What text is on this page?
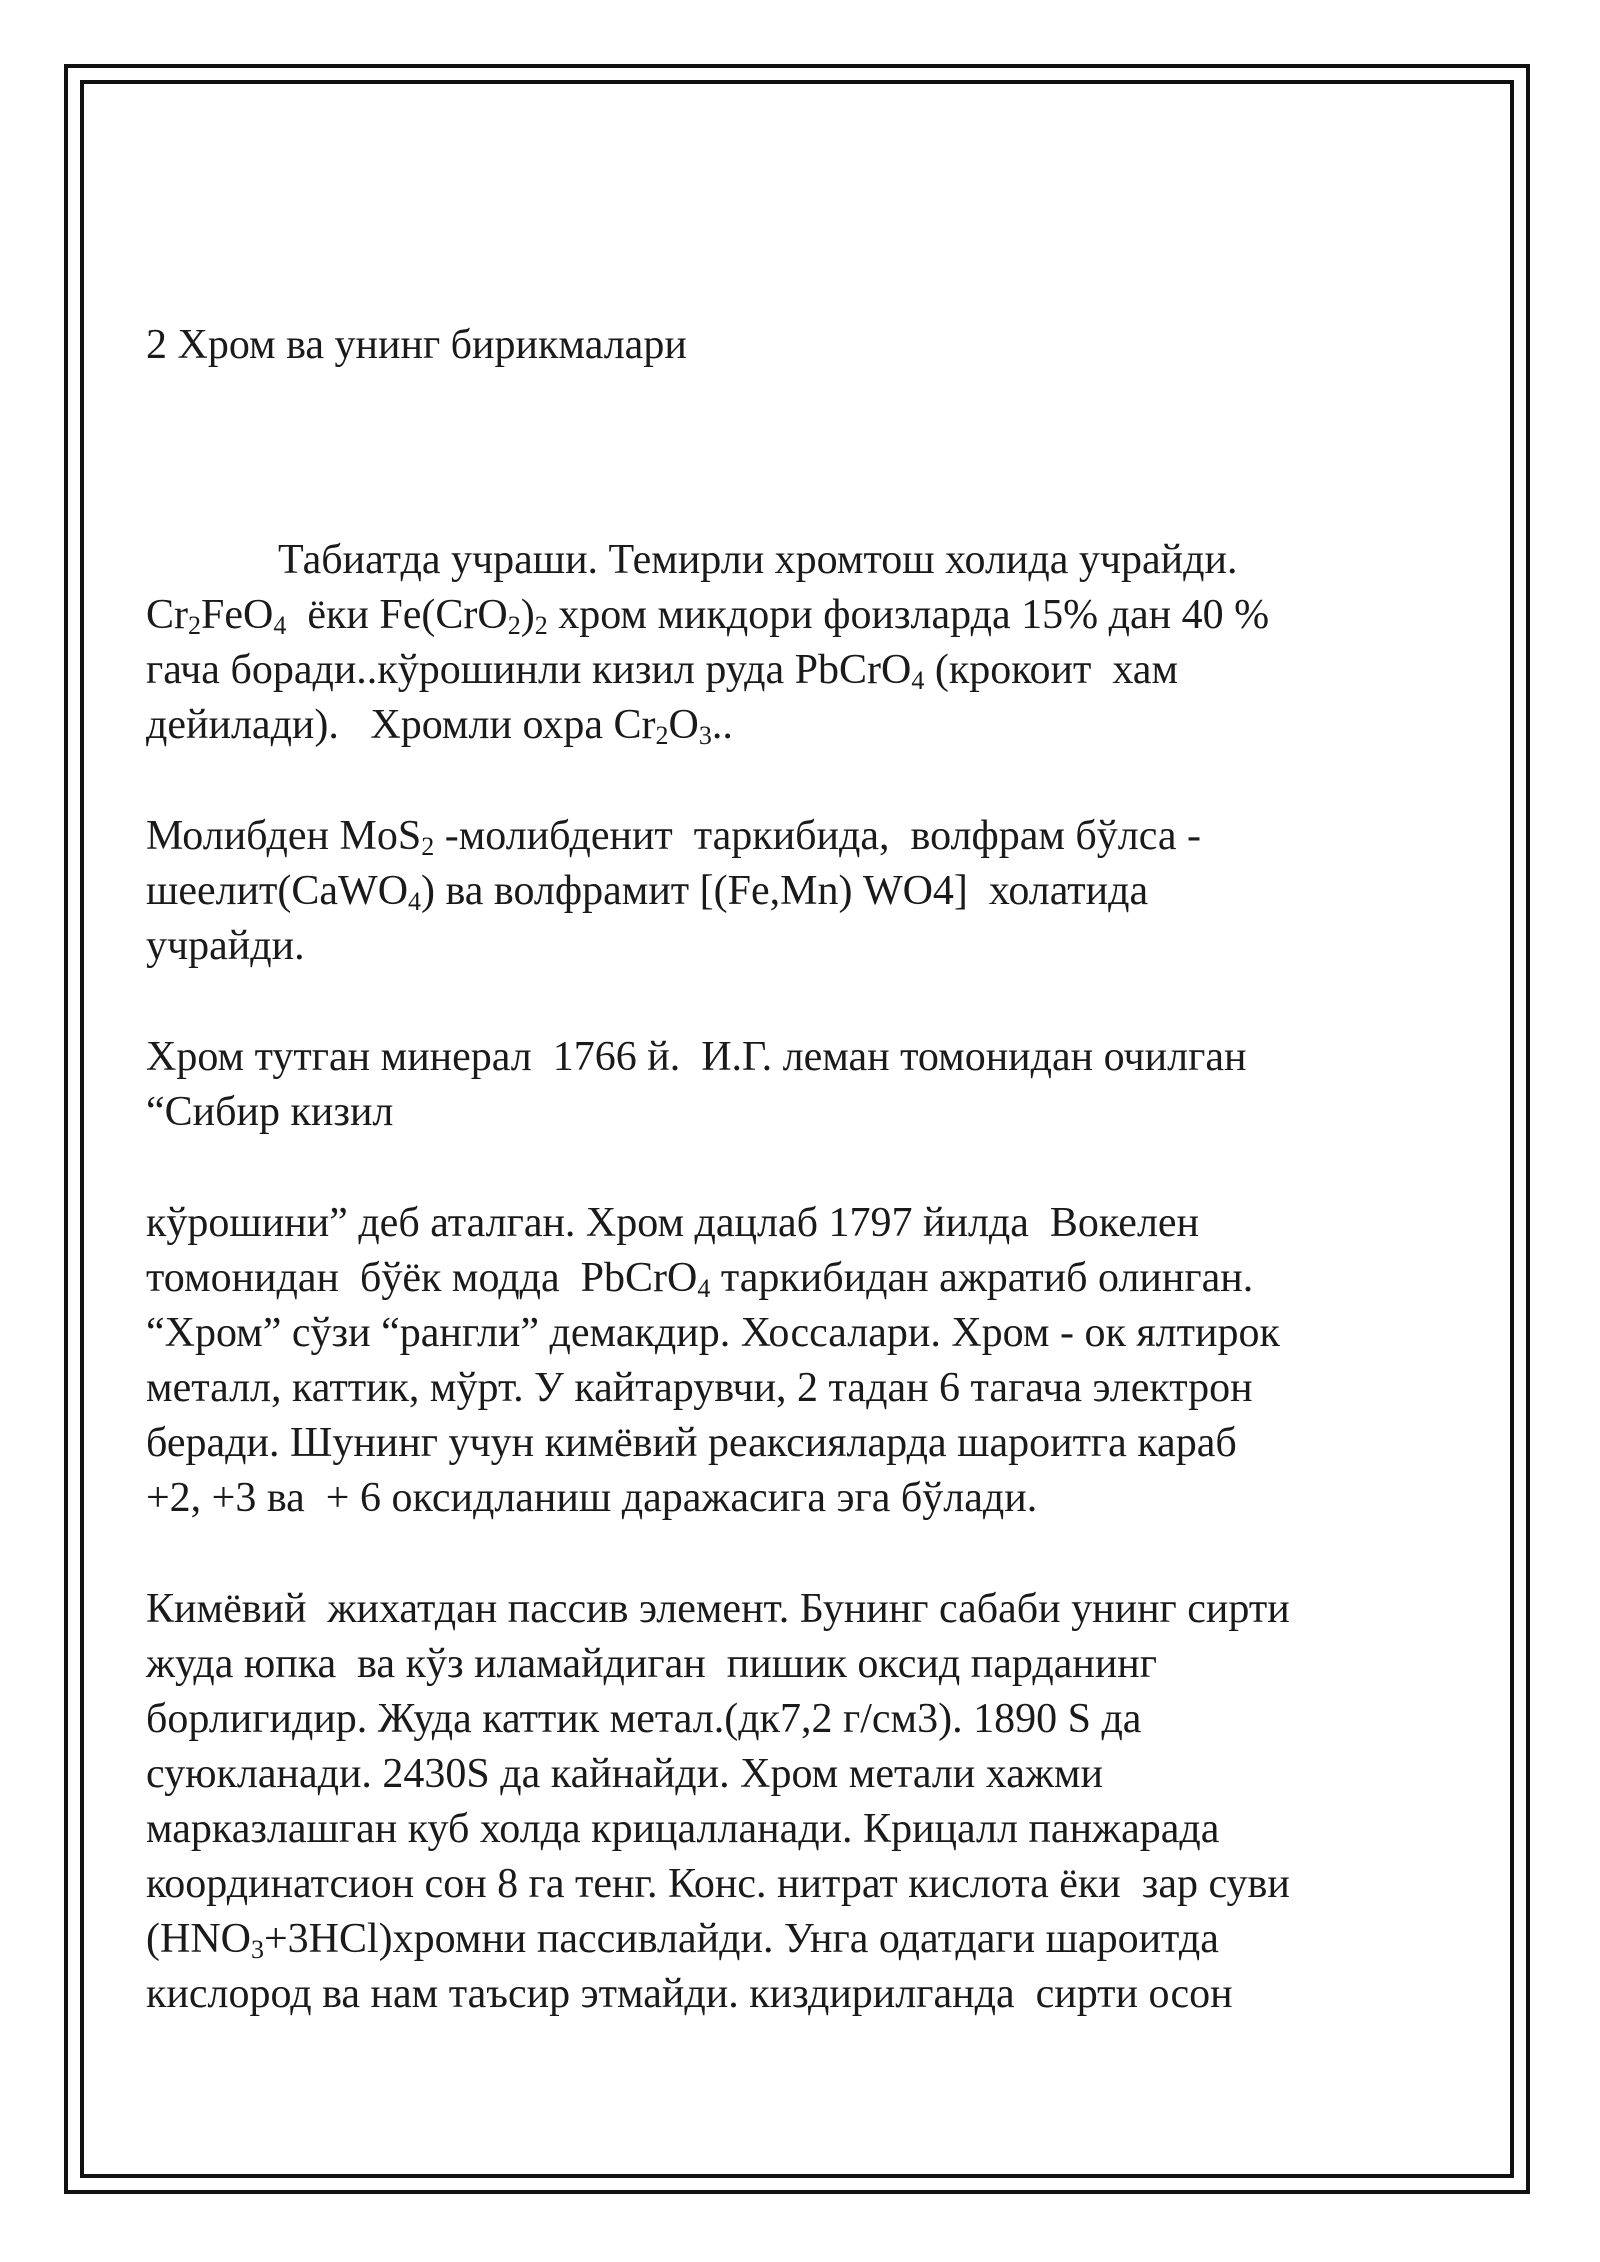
2 Хром ва унинг бирикмалари

Табиатда учраши. Темирли хромтош холида учрайди.

$Cr_2FeO_4$  ёки $Fe(CrO_2)_2$ хром микдори фоизларда 15% дан 40 %

гача боради..кўрошинли кизил руда PbCrO$_4$ (крокоит  хам

дейилади).   Хромли охра $Cr_2O_3$..

Молибден MoS$_2$ -молибденит  таркибида,  волфрам бўлса -

шеелит(CaWO$_4$) ва волфрамит [(Fe,Mn) WO4]  холатида

учрайди.

Хром тутган минерал  1766 й.  И.Г. леман томонидан очилган

“Сибир кизил

кўрошини” деб аталган. Хром дацлаб 1797 йилда  Вокелен

томонидан  бўёк модда  PbCrO$_4$ таркибидан ажратиб олинган.

“Хром” сўзи “рангли” демакдир. Хоссалари. Хром - ок ялтирок

металл, каттик, мўрт. У кайтарувчи, 2 тадан 6 тагача электрон

беради. Шунинг учун кимёвий реаксияларда шароитга караб

+2, +3 ва  + 6 оксидланиш даражасига эга бўлади.

Кимёвий  жихатдан пассив элемент. Бунинг сабаби унинг сирти

жуда юпка  ва кўз иламайдиган  пишик оксид парданинг

борлигидир. Жуда каттик метал.(дк7,2 г/см3). 1890 S да

суюкланади. 2430S да кайнайди. Хром метали хажми

марказлашган куб холда крицалланади. Крицалл панжарада

координатсион сон 8 га тенг. Конс. нитрат кислота ёки  зар суви

$(HNO_3+3HCl)хромни$ пассивлайди. Унга одатдаги шароитда

кислород ва нам таъсир этмайди. киздирилганда  сирти осон
